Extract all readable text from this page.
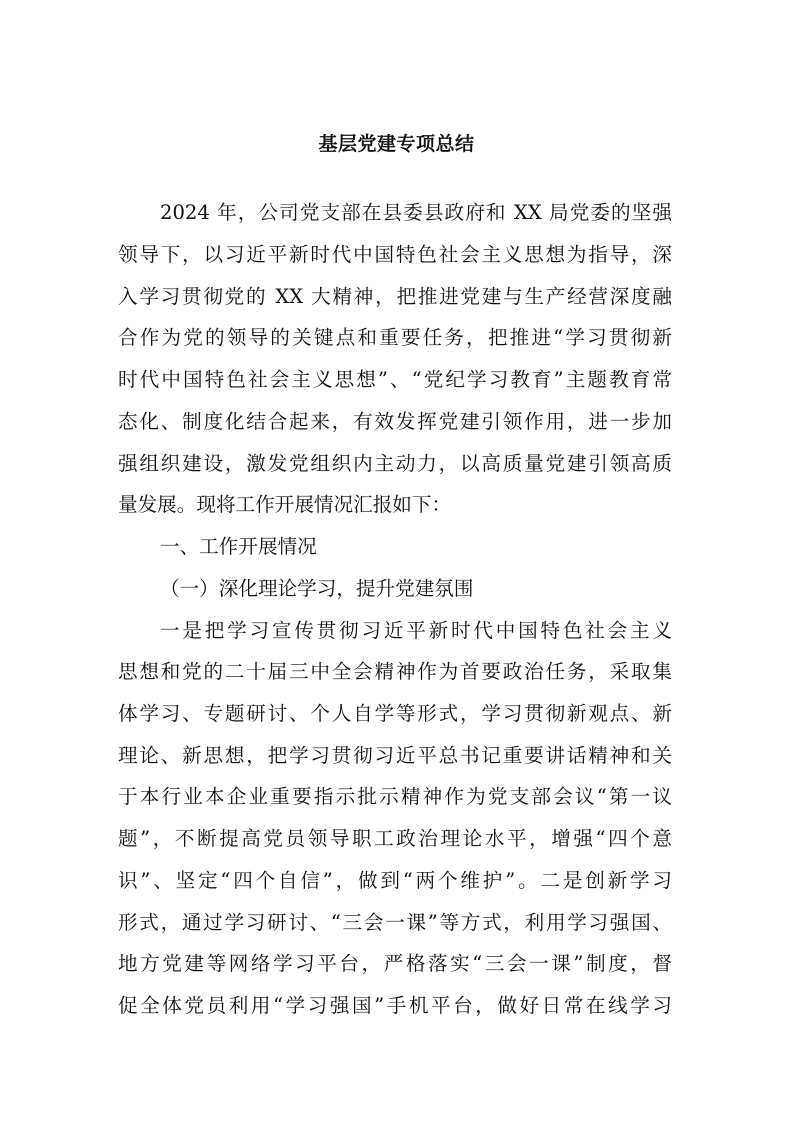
基层党建专项总结
2024 年，公司党支部在县委县政府和 XX 局党委的坚强
领导下，以习近平新时代中国特色社会主义思想为指导，深
入学习贯彻党的 XX 大精神，把推进党建与生产经营深度融
合作为党的领导的关键点和重要任务，把推进“学习贯彻新
时代中国特色社会主义思想”、“党纪学习教育”主题教育常
态化、制度化结合起来，有效发挥党建引领作用，进一步加
强组织建设，激发党组织内主动力，以高质量党建引领高质
量发展。现将工作开展情况汇报如下：
一、工作开展情况
（一）深化理论学习，提升党建氛围
一是把学习宣传贯彻习近平新时代中国特色社会主义
思想和党的二十届三中全会精神作为首要政治任务，采取集
体学习、专题研讨、个人自学等形式，学习贯彻新观点、新
理论、新思想，把学习贯彻习近平总书记重要讲话精神和关
于本行业本企业重要指示批示精神作为党支部会议“第一议
题”，不断提高党员领导职工政治理论水平，增强“四个意
识”、坚定“四个自信”，做到“两个维护”。二是创新学习
形式，通过学习研讨、“三会一课”等方式，利用学习强国、
地方党建等网络学习平台，严格落实“三会一课”制度，督
促全体党员利用“学习强国”手机平台，做好日常在线学习
